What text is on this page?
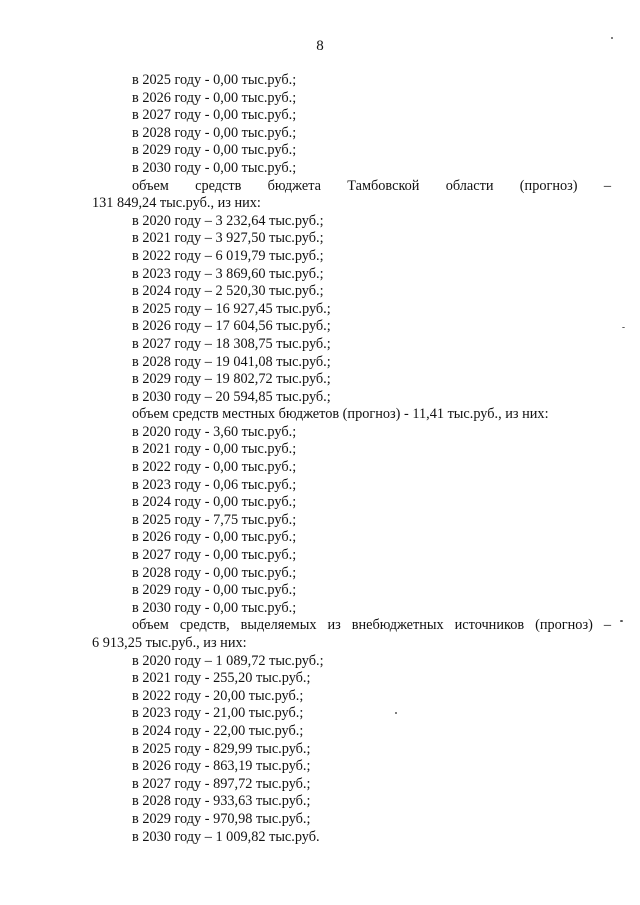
8
в 2025 году - 0,00 тыс.руб.;
в 2026 году - 0,00 тыс.руб.;
в 2027 году - 0,00 тыс.руб.;
в 2028 году - 0,00 тыс.руб.;
в 2029 году - 0,00 тыс.руб.;
в 2030 году - 0,00 тыс.руб.;
объем средств бюджета Тамбовской области (прогноз) –
131 849,24 тыс.руб., из них:
в 2020 году – 3 232,64 тыс.руб.;
в 2021 году – 3 927,50 тыс.руб.;
в 2022 году – 6 019,79 тыс.руб.;
в 2023 году – 3 869,60 тыс.руб.;
в 2024 году – 2 520,30 тыс.руб.;
в 2025 году – 16 927,45 тыс.руб.;
в 2026 году – 17 604,56 тыс.руб.;
в 2027 году – 18 308,75 тыс.руб.;
в 2028 году – 19 041,08 тыс.руб.;
в 2029 году – 19 802,72 тыс.руб.;
в 2030 году – 20 594,85 тыс.руб.;
объем средств местных бюджетов (прогноз) - 11,41 тыс.руб., из них:
в 2020 году - 3,60 тыс.руб.;
в 2021 году - 0,00 тыс.руб.;
в 2022 году - 0,00 тыс.руб.;
в 2023 году - 0,06 тыс.руб.;
в 2024 году - 0,00 тыс.руб.;
в 2025 году - 7,75 тыс.руб.;
в 2026 году - 0,00 тыс.руб.;
в 2027 году - 0,00 тыс.руб.;
в 2028 году - 0,00 тыс.руб.;
в 2029 году - 0,00 тыс.руб.;
в 2030 году - 0,00 тыс.руб.;
объем средств, выделяемых из внебюджетных источников (прогноз) –
6 913,25 тыс.руб., из них:
в 2020 году – 1 089,72 тыс.руб.;
в 2021 году - 255,20 тыс.руб.;
в 2022 году - 20,00 тыс.руб.;
в 2023 году - 21,00 тыс.руб.;
в 2024 году - 22,00 тыс.руб.;
в 2025 году - 829,99 тыс.руб.;
в 2026 году - 863,19 тыс.руб.;
в 2027 году - 897,72 тыс.руб.;
в 2028 году - 933,63 тыс.руб.;
в 2029 году - 970,98 тыс.руб.;
в 2030 году – 1 009,82 тыс.руб.
